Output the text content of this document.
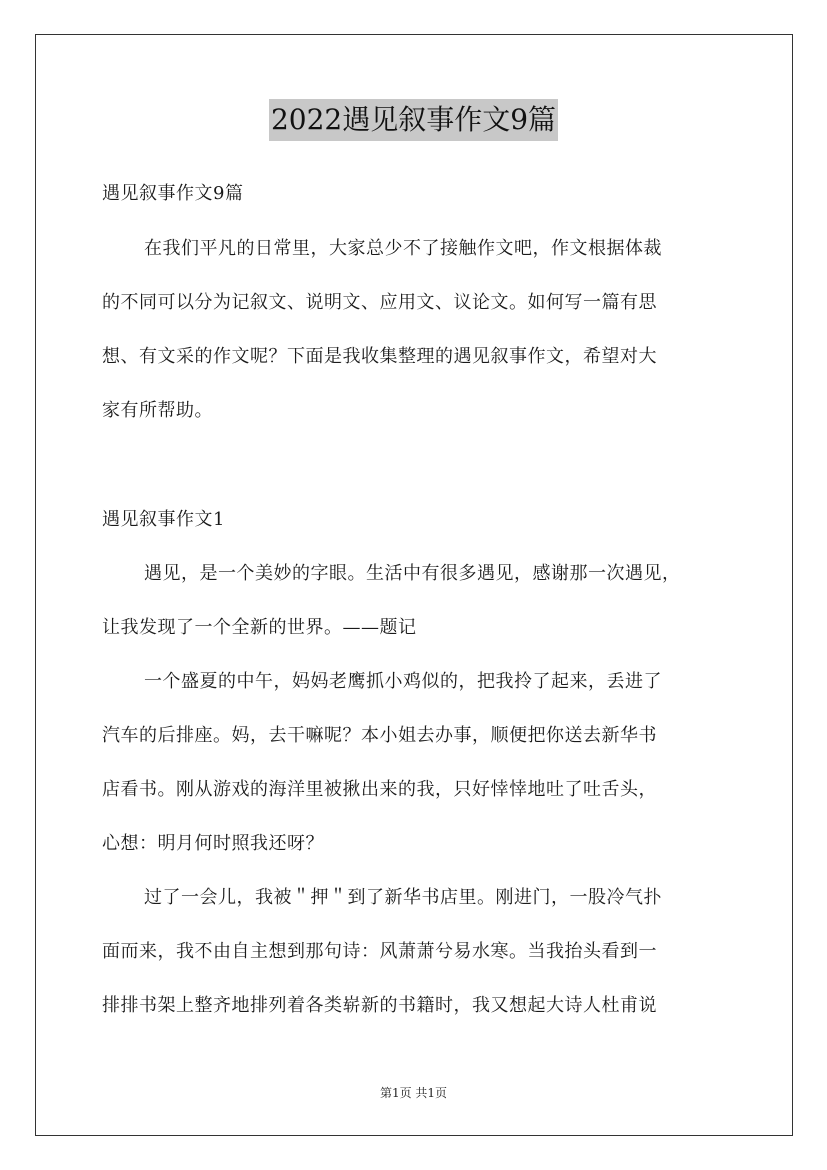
2022遇见叙事作文9篇
遇见叙事作文9篇
在我们平凡的日常里，大家总少不了接触作文吧，作文根据体裁
的不同可以分为记叙文、说明文、应用文、议论文。如何写一篇有思
想、有文采的作文呢？下面是我收集整理的遇见叙事作文，希望对大
家有所帮助。
遇见叙事作文1
遇见，是一个美妙的字眼。生活中有很多遇见，感谢那一次遇见，
让我发现了一个全新的世界。——题记
一个盛夏的中午，妈妈老鹰抓小鸡似的，把我拎了起来，丢进了
汽车的后排座。妈，去干嘛呢？本小姐去办事，顺便把你送去新华书
店看书。刚从游戏的海洋里被揪出来的我，只好悻悻地吐了吐舌头，
心想：明月何时照我还呀？
过了一会儿，我被＂押＂到了新华书店里。刚进门，一股冷气扑
面而来，我不由自主想到那句诗：风萧萧兮易水寒。当我抬头看到一
排排书架上整齐地排列着各类崭新的书籍时，我又想起大诗人杜甫说
第1页 共1页
